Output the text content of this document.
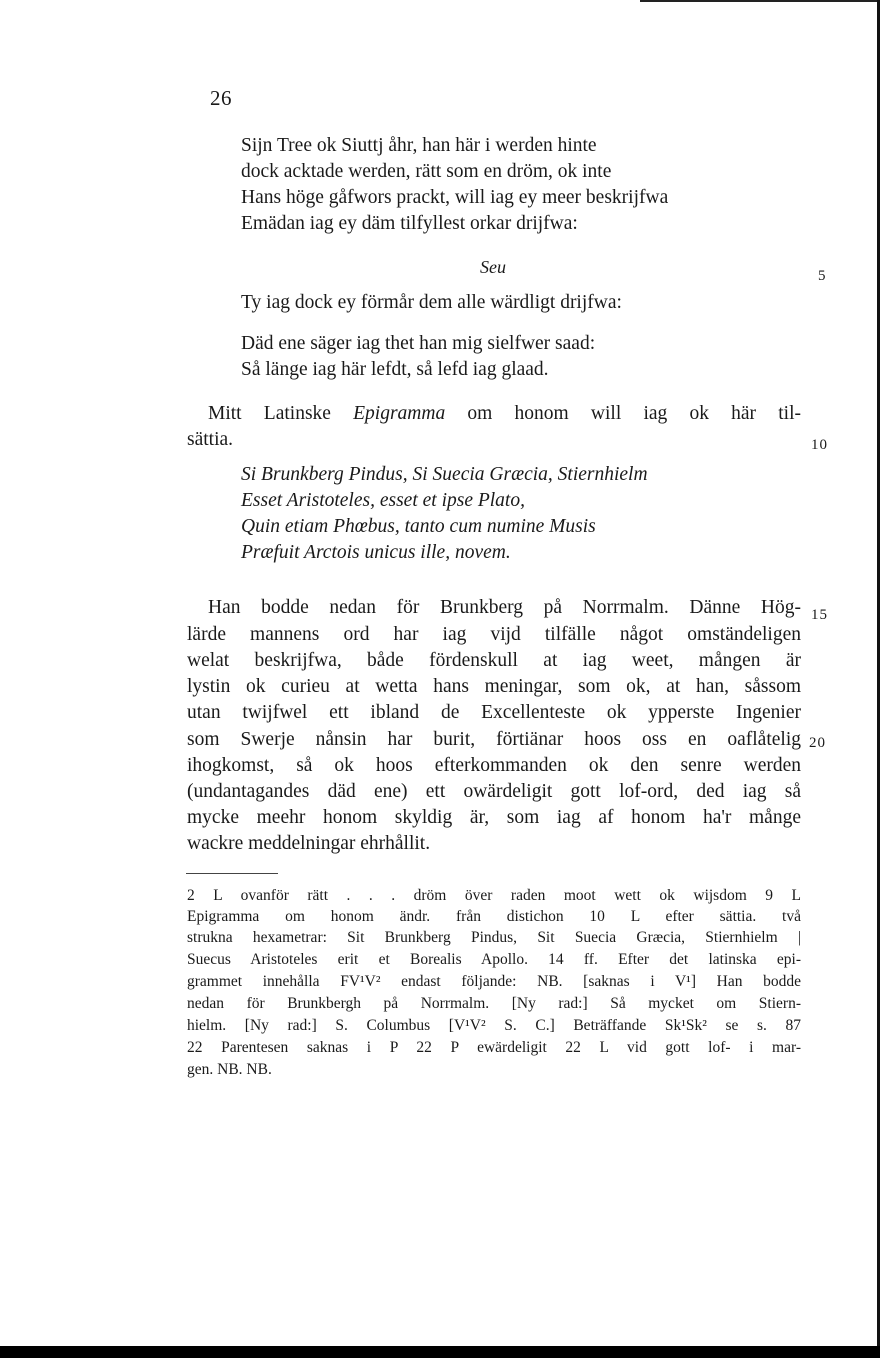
26
Sijn Tree ok Siuttj åhr, han här i werden hinte
dock acktade werden, rätt som en dröm, ok inte
Hans höge gåfwors prackt, will iag ey meer beskrijfwa
Emädan iag ey däm tilfyllest orkar drijfwa:
Seu	5
Ty iag dock ey förmår dem alle wärdligt drijfwa:
Däd ene säger iag thet han mig sielfwer saad:
Så länge iag här lefdt, så lefd iag glaad.
Mitt Latinske Epigramma om honom will iag ok här til-
sättia.	10
Si Brunkberg Pindus, Si Suecia Græcia, Stiernhielm
Esset Aristoteles, esset et ipse Plato,
Quin etiam Phœbus, tanto cum numine Musis
Præfuit Arctois unicus ille, novem.
Han bodde nedan för Brunkberg på Norrmalm. Dänne Hög- 15
lärde mannens ord har iag vijd tilfälle något omständeligen
welat beskrijfwa, både fördenskull at iag weet, mången är
lystin ok curieu at wetta hans meningar, som ok, at han, såssom
utan twijfwel ett ibland de Excellenteste ok ypperste Ingenier
som Swerje nånsin har burit, förtiänar hoos oss en oaflåtelig 20
ihogkomst, så ok hoos efterkommanden ok den senre werden
(undantagandes däd ene) ett owärdeligit gott lof-ord, ded iag så
mycke meehr honom skyldig är, som iag af honom ha'r månge
wackre meddelningar ehrhållit.
2 L ovanför rätt . . . dröm över raden moot wett ok wijsdom 9 L
Epigramma om honom ändr. från distichon 10 L efter sättia. två
strukna hexametrar: Sit Brunkberg Pindus, Sit Suecia Græcia, Stiernhielm |
Suecus Aristoteles erit et Borealis Apollo. 14 ff. Efter det latinska epi-
grammet innehålla FV¹V² endast följande: NB. [saknas i V¹] Han bodde
nedan för Brunkbergh på Norrmalm. [Ny rad:] Så mycket om Stiern-
hielm. [Ny rad:] S. Columbus [V¹V² S. C.] Beträffande Sk¹Sk² se s. 87
22 Parentesen saknas i P 22 P ewärdeligit 22 L vid gott lof- i mar-
gen. NB. NB.
